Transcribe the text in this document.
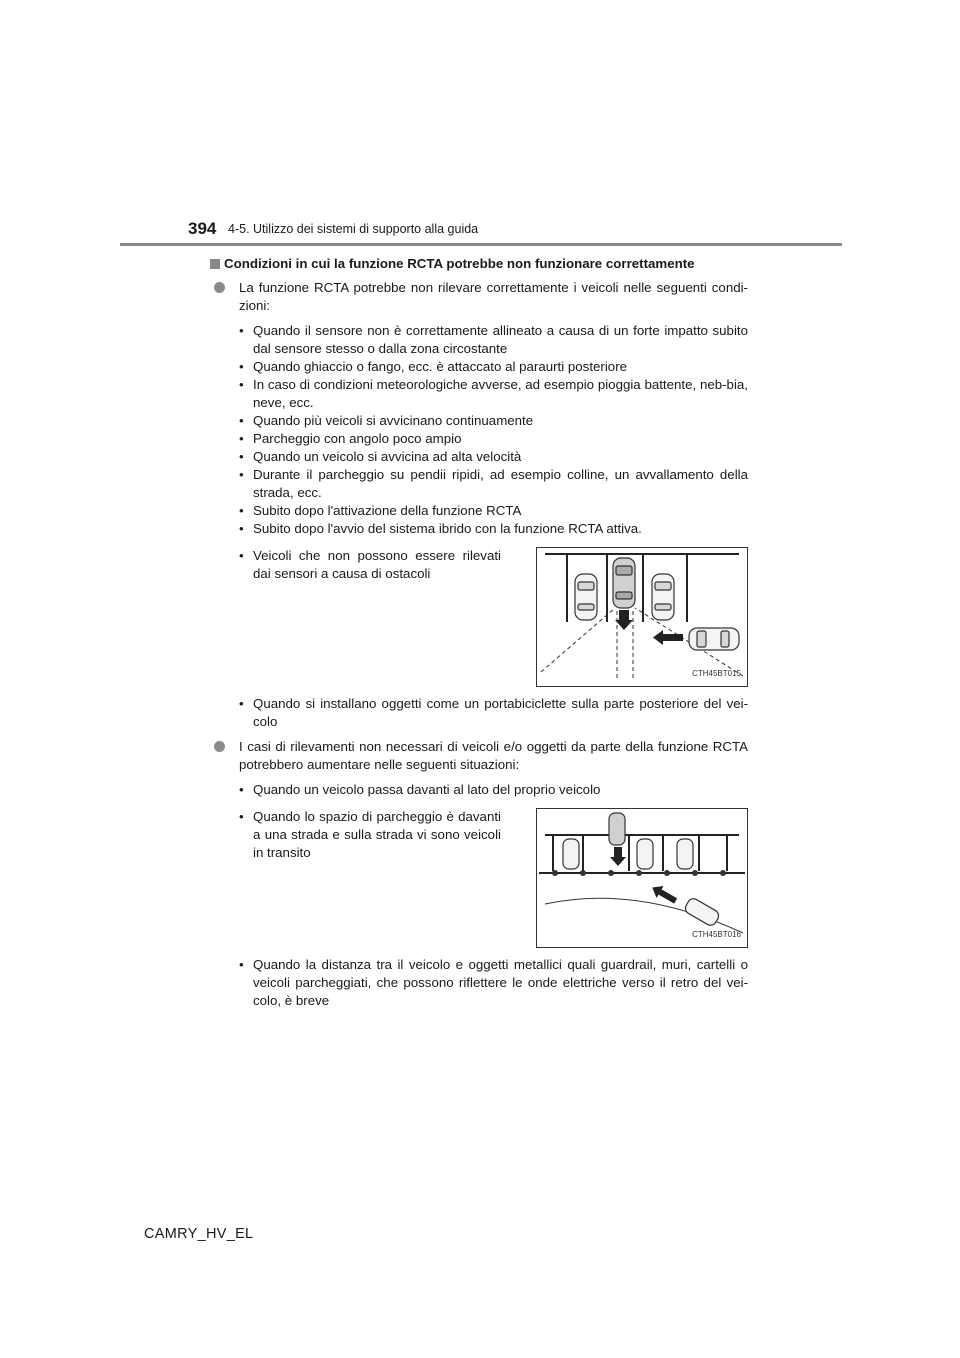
394 4-5. Utilizzo dei sistemi di supporto alla guida
Condizioni in cui la funzione RCTA potrebbe non funzionare correttamente
La funzione RCTA potrebbe non rilevare correttamente i veicoli nelle seguenti condi-zioni:
• Quando il sensore non è correttamente allineato a causa di un forte impatto subito dal sensore stesso o dalla zona circostante
• Quando ghiaccio o fango, ecc. è attaccato al paraurti posteriore
• In caso di condizioni meteorologiche avverse, ad esempio pioggia battente, neb-bia, neve, ecc.
• Quando più veicoli si avvicinano continuamente
• Parcheggio con angolo poco ampio
• Quando un veicolo si avvicina ad alta velocità
• Durante il parcheggio su pendii ripidi, ad esempio colline, un avvallamento della strada, ecc.
• Subito dopo l'attivazione della funzione RCTA
• Subito dopo l'avvio del sistema ibrido con la funzione RCTA attiva.
• Veicoli che non possono essere rilevati dai sensori a causa di ostacoli
CTH45BT015
• Quando si installano oggetti come un portabiciclette sulla parte posteriore del vei-colo
I casi di rilevamenti non necessari di veicoli e/o oggetti da parte della funzione RCTA potrebbero aumentare nelle seguenti situazioni:
• Quando un veicolo passa davanti al lato del proprio veicolo
• Quando lo spazio di parcheggio è davanti a una strada e sulla strada vi sono veicoli in transito
CTH45BT016
• Quando la distanza tra il veicolo e oggetti metallici quali guardrail, muri, cartelli o veicoli parcheggiati, che possono riflettere le onde elettriche verso il retro del vei-colo, è breve
CAMRY_HV_EL
